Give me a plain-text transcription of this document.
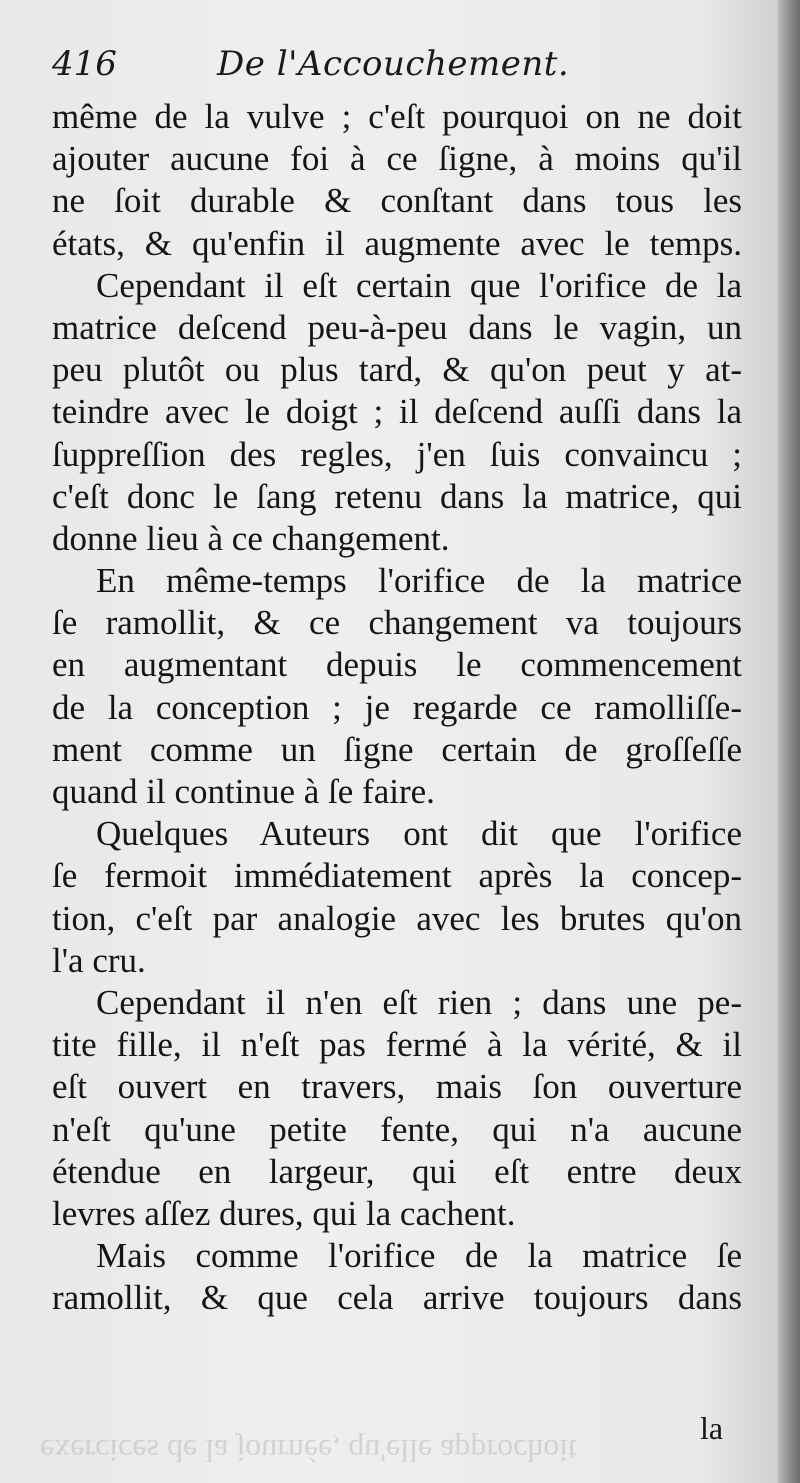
416	De l'Accouchement.
même de la vulve ; c'eſt pourquoi on ne doit
ajouter aucune foi à ce ſigne, à moins qu'il
ne ſoit durable & conſtant dans tous les
états, & qu'enfin il augmente avec le temps.
Cependant il eſt certain que l'orifice de la
matrice deſcend peu-à-peu dans le vagin, un
peu plutôt ou plus tard, & qu'on peut y at-
teindre avec le doigt ; il deſcend auſſi dans la
ſuppreſſion des regles, j'en ſuis convaincu ;
c'eſt donc le ſang retenu dans la matrice, qui
donne lieu à ce changement.
En même-temps l'orifice de la matrice
ſe ramollit, & ce changement va toujours
en augmentant depuis le commencement
de la conception ; je regarde ce ramolliſſe-
ment comme un ſigne certain de groſſeſſe
quand il continue à ſe faire.
Quelques Auteurs ont dit que l'orifice
ſe fermoit immédiatement après la concep-
tion, c'eſt par analogie avec les brutes qu'on
l'a cru.
Cependant il n'en eſt rien ; dans une pe-
tite fille, il n'eſt pas fermé à la vérité, & il
eſt ouvert en travers, mais ſon ouverture
n'eſt qu'une petite fente, qui n'a aucune
étendue en largeur, qui eſt entre deux
levres aſſez dures, qui la cachent.
Mais comme l'orifice de la matrice ſe
ramollit, & que cela arrive toujours dans
la
exercices de la journée, qu'elle approchoit
